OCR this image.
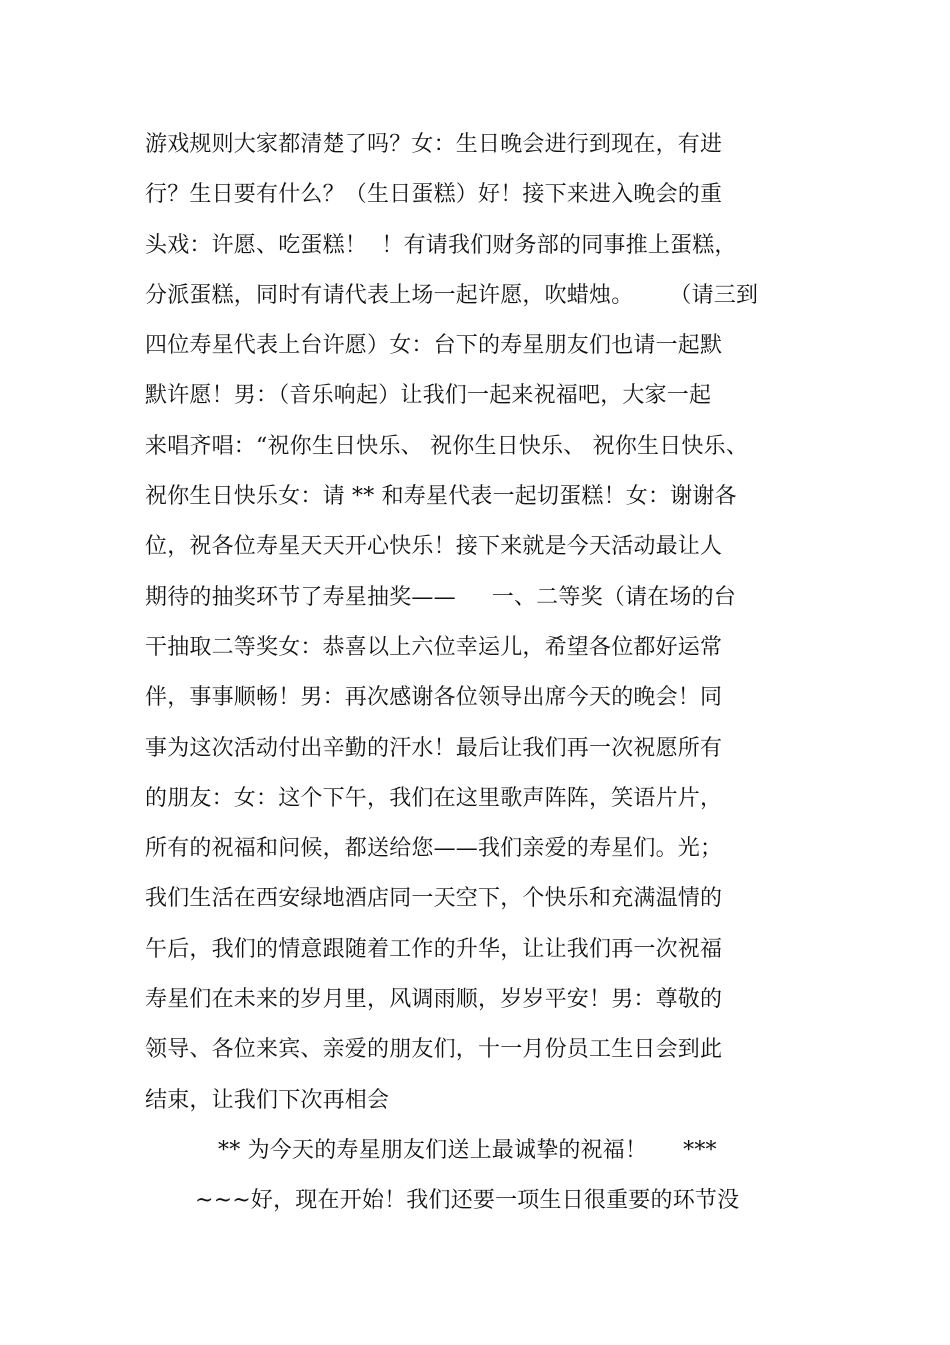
游戏规则大家都清楚了吗？女：生日晚会进行到现在，有进
行？生日要有什么？（生日蛋糕）好！接下来进入晚会的重
头戏：许愿、吃蛋糕！  ！有请我们财务部的同事推上蛋糕，
分派蛋糕，同时有请代表上场一起许愿，吹蜡烛。     （请三到
四位寿星代表上台许愿）女：台下的寿星朋友们也请一起默
默许愿！男：（音乐响起）让我们一起来祝福吧，大家一起
来唱齐唱：“祝你生日快乐、 祝你生日快乐、 祝你生日快乐、
祝你生日快乐女：请 ** 和寿星代表一起切蛋糕！女：谢谢各
位，祝各位寿星天天开心快乐！接下来就是今天活动最让人
期待的抽奖环节了寿星抽奖——     一、二等奖（请在场的台
干抽取二等奖女：恭喜以上六位幸运儿，希望各位都好运常
伴，事事顺畅！男：再次感谢各位领导出席今天的晚会！同
事为这次活动付出辛勤的汗水！最后让我们再一次祝愿所有
的朋友：女：这个下午，我们在这里歌声阵阵，笑语片片，
所有的祝福和问候，都送给您——我们亲爱的寿星们。光；
我们生活在西安绿地酒店同一天空下，个快乐和充满温情的
午后，我们的情意跟随着工作的升华，让让我们再一次祝福
寿星们在未来的岁月里，风调雨顺，岁岁平安！男：尊敬的
领导、各位来宾、亲爱的朋友们，十一月份员工生日会到此
结束，让我们下次再相会
** 为今天的寿星朋友们送上最诚挚的祝福！     ***
~~~好，现在开始！我们还要一项生日很重要的环节没
